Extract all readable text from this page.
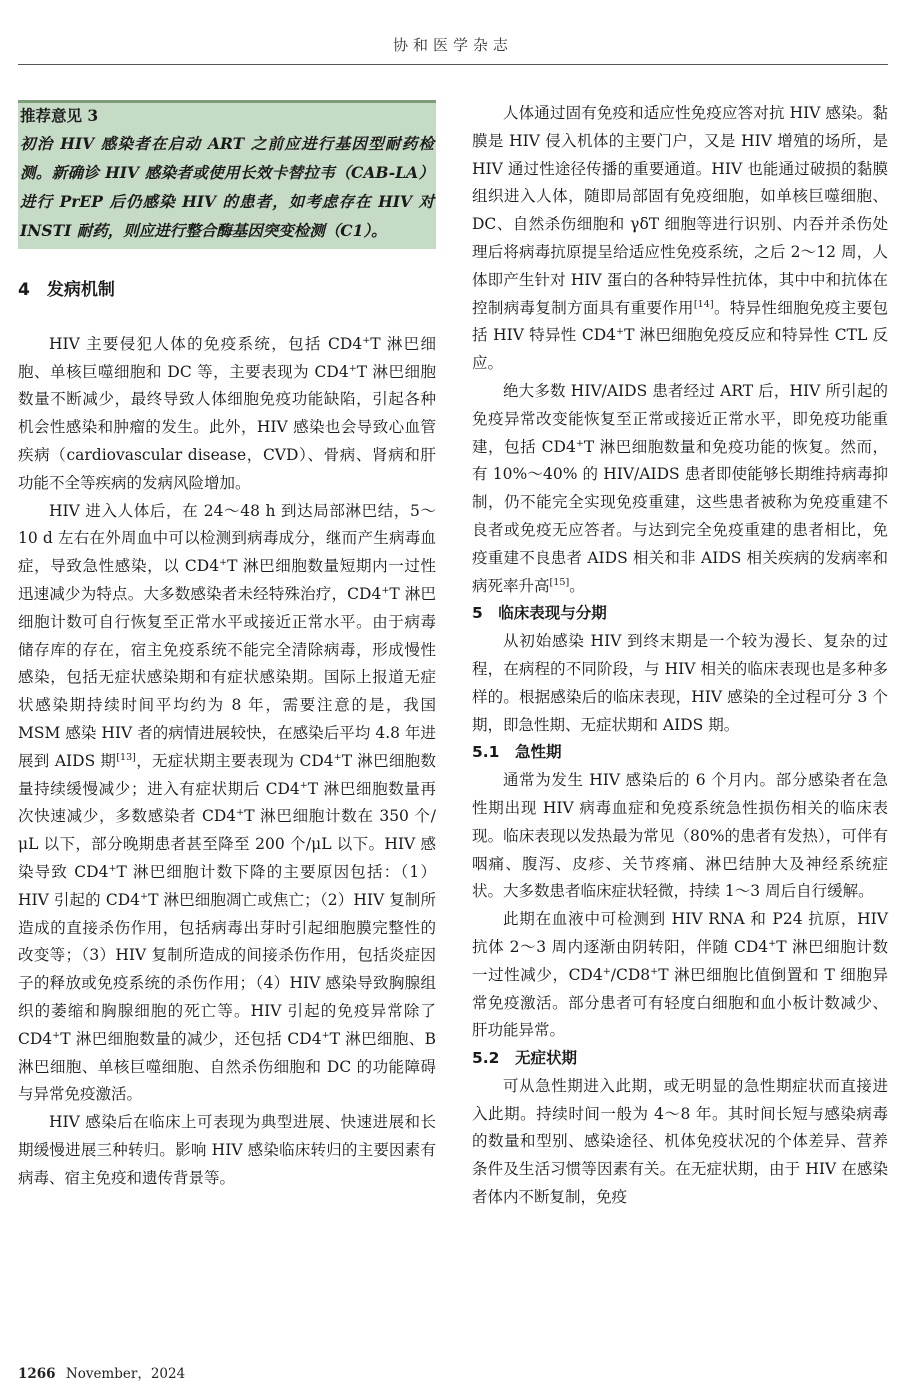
协和医学杂志
推荐意见 3
初治 HIV 感染者在启动 ART 之前应进行基因型耐药检测。新确诊 HIV 感染者或使用长效卡替拉韦（CAB-LA）进行 PrEP 后仍感染 HIV 的患者，如考虑存在 HIV 对 INSTI 耐药，则应进行整合酶基因突变检测（C1）。
4　发病机制

HIV 主要侵犯人体的免疫系统，包括 CD4+T 淋巴细胞、单核巨噬细胞和 DC 等，主要表现为 CD4+T 淋巴细胞数量不断减少，最终导致人体细胞免疫功能缺陷，引起各种机会性感染和肿瘤的发生。此外，HIV 感染也会导致心血管疾病（cardiovascular disease，CVD）、骨病、肾病和肝功能不全等疾病的发病风险增加。

HIV 进入人体后，在 24～48 h 到达局部淋巴结，5～10 d 左右在外周血中可以检测到病毒成分，继而产生病毒血症，导致急性感染，以 CD4+T 淋巴细胞数量短期内一过性迅速减少为特点。大多数感染者未经特殊治疗，CD4+T 淋巴细胞计数可自行恢复至正常水平或接近正常水平。由于病毒储存库的存在，宿主免疫系统不能完全清除病毒，形成慢性感染，包括无症状感染期和有症状感染期。国际上报道无症状感染期持续时间平均约为 8 年，需要注意的是，我国 MSM 感染 HIV 者的病情进展较快，在感染后平均 4.8 年进展到 AIDS 期[13]，无症状期主要表现为 CD4+T 淋巴细胞数量持续缓慢减少；进入有症状期后 CD4+T 淋巴细胞数量再次快速减少，多数感染者 CD4+T 淋巴细胞计数在 350 个/μL 以下，部分晚期患者甚至降至 200 个/μL 以下。HIV 感染导致 CD4+T 淋巴细胞计数下降的主要原因包括：（1）HIV 引起的 CD4+T 淋巴细胞凋亡或焦亡；（2）HIV 复制所造成的直接杀伤作用，包括病毒出芽时引起细胞膜完整性的改变等；（3）HIV 复制所造成的间接杀伤作用，包括炎症因子的释放或免疫系统的杀伤作用；（4）HIV 感染导致胸腺组织的萎缩和胸腺细胞的死亡等。HIV 引起的免疫异常除了 CD4+T 淋巴细胞数量的减少，还包括 CD4+T 淋巴细胞、B 淋巴细胞、单核巨噬细胞、自然杀伤细胞和 DC 的功能障碍与异常免疫激活。

HIV 感染后在临床上可表现为典型进展、快速进展和长期缓慢进展三种转归。影响 HIV 感染临床转归的主要因素有病毒、宿主免疫和遗传背景等。

人体通过固有免疫和适应性免疫应答对抗 HIV 感染。黏膜是 HIV 侵入机体的主要门户，又是 HIV 增殖的场所，是 HIV 通过性途径传播的重要通道。HIV 也能通过破损的黏膜组织进入人体，随即局部固有免疫细胞，如单核巨噬细胞、DC、自然杀伤细胞和 γδT 细胞等进行识别、内吞并杀伤处理后将病毒抗原提呈给适应性免疫系统，之后 2～12 周，人体即产生针对 HIV 蛋白的各种特异性抗体，其中中和抗体在控制病毒复制方面具有重要作用[14]。特异性细胞免疫主要包括 HIV 特异性 CD4+T 淋巴细胞免疫反应和特异性 CTL 反应。

绝大多数 HIV/AIDS 患者经过 ART 后，HIV 所引起的免疫异常改变能恢复至正常或接近正常水平，即免疫功能重建，包括 CD4+T 淋巴细胞数量和免疫功能的恢复。然而，有 10%～40% 的 HIV/AIDS 患者即使能够长期维持病毒抑制，仍不能完全实现免疫重建，这些患者被称为免疫重建不良者或免疫无应答者。与达到完全免疫重建的患者相比，免疫重建不良患者 AIDS 相关和非 AIDS 相关疾病的发病率和病死率升高[15]。

5　临床表现与分期

从初始感染 HIV 到终末期是一个较为漫长、复杂的过程，在病程的不同阶段，与 HIV 相关的临床表现也是多种多样的。根据感染后的临床表现，HIV 感染的全过程可分 3 个期，即急性期、无症状期和 AIDS 期。

5.1　急性期

通常为发生 HIV 感染后的 6 个月内。部分感染者在急性期出现 HIV 病毒血症和免疫系统急性损伤相关的临床表现。临床表现以发热最为常见（80%的患者有发热），可伴有咽痛、腹泻、皮疹、关节疼痛、淋巴结肿大及神经系统症状。大多数患者临床症状轻微，持续 1～3 周后自行缓解。

此期在血液中可检测到 HIV RNA 和 P24 抗原，HIV 抗体 2～3 周内逐渐由阴转阳，伴随 CD4+T 淋巴细胞计数一过性减少，CD4+/CD8+T 淋巴细胞比值倒置和 T 细胞异常免疫激活。部分患者可有轻度白细胞和血小板计数减少、肝功能异常。

5.2　无症状期

可从急性期进入此期，或无明显的急性期症状而直接进入此期。持续时间一般为 4～8 年。其时间长短与感染病毒的数量和型别、感染途径、机体免疫状况的个体差异、营养条件及生活习惯等因素有关。在无症状期，由于 HIV 在感染者体内不断复制，免疫

1266 November，2024
